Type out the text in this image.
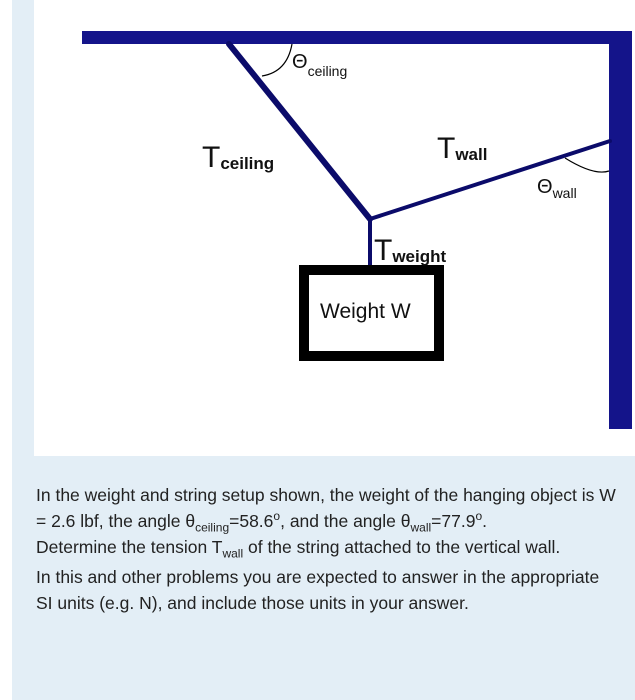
Weight W
Tceiling	Twall
Tweight
Θceiling
Θwall

In the weight and string setup shown, the weight of the hanging object is W = 2.6 lbf, the angle $\theta_{ceiling}=58.6^o$, and the angle $\theta_{wall}=77.9^o$.
Determine the tension $T_{wall}$ of the string attached to the vertical wall.

In this and other problems you are expected to answer in the appropriate SI units (e.g. N), and include those units in your answer.
